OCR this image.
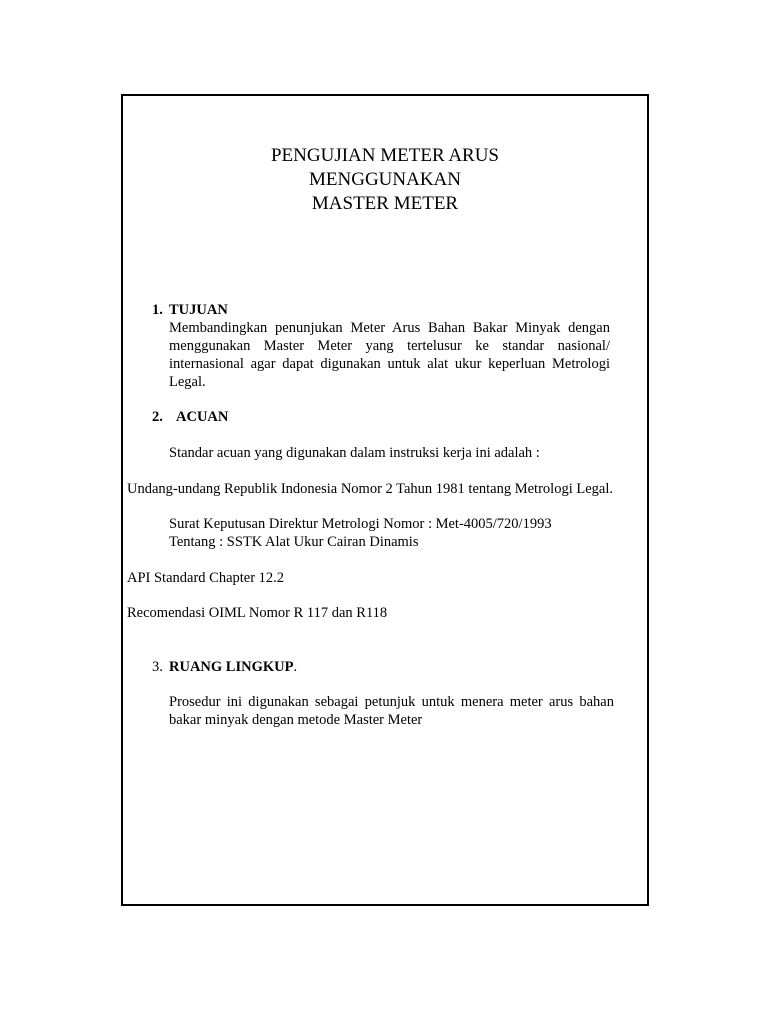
PENGUJIAN METER ARUS
MENGGUNAKAN
MASTER METER
1. TUJUAN
Membandingkan penunjukan Meter Arus Bahan Bakar Minyak dengan menggunakan Master Meter yang tertelusur ke standar nasional/ internasional agar dapat digunakan untuk alat ukur keperluan Metrologi Legal.
2. ACUAN
Standar acuan yang digunakan dalam instruksi kerja ini adalah :
Undang-undang Republik Indonesia Nomor 2 Tahun 1981 tentang Metrologi Legal.
Surat Keputusan Direktur Metrologi Nomor : Met-4005/720/1993
Tentang : SSTK Alat Ukur Cairan Dinamis
API Standard Chapter 12.2
Recomendasi OIML Nomor R 117 dan R118
3. RUANG LINGKUP.
Prosedur ini digunakan sebagai petunjuk untuk menera meter arus bahan bakar minyak dengan metode Master Meter
